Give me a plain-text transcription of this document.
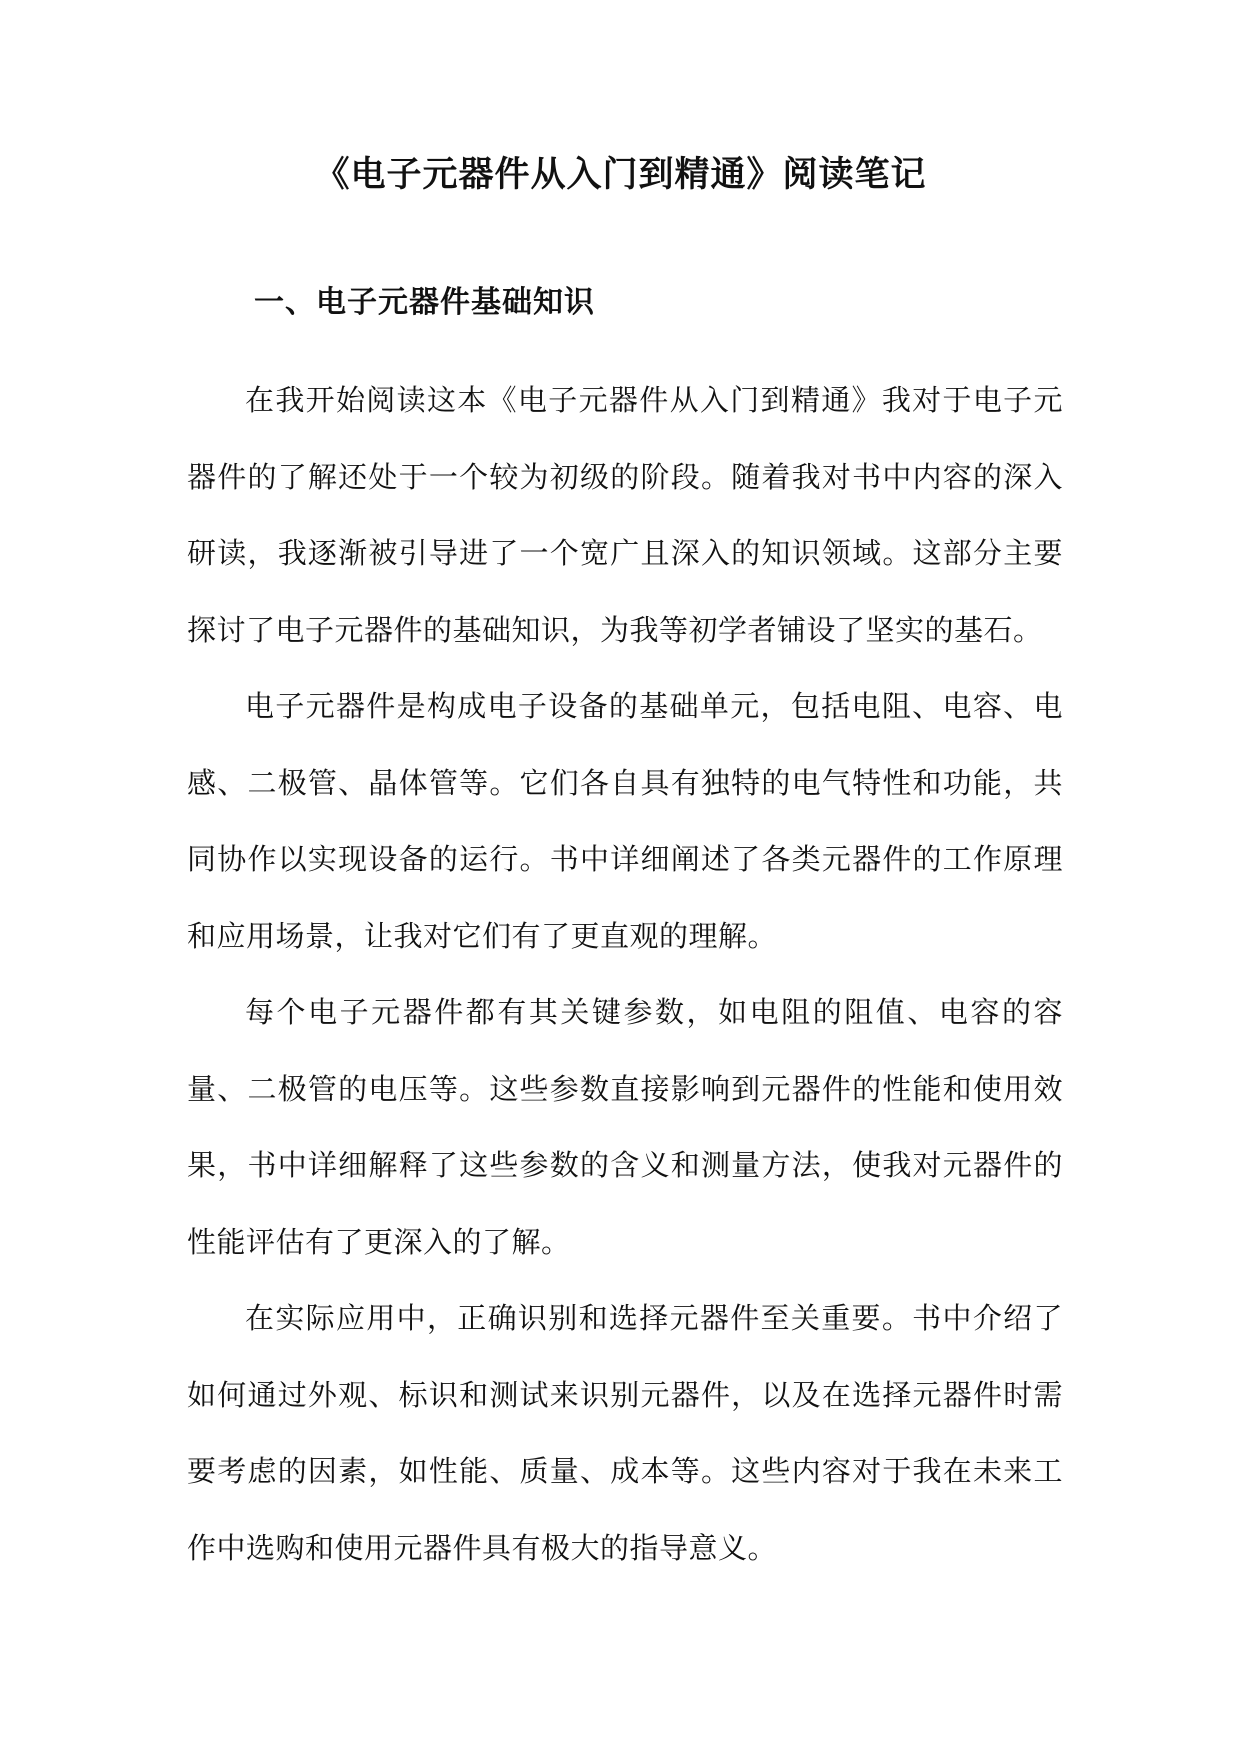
《电子元器件从入门到精通》阅读笔记
一、电子元器件基础知识

在我开始阅读这本《电子元器件从入门到精通》我对于电子元器件的了解还处于一个较为初级的阶段。随着我对书中内容的深入研读，我逐渐被引导进了一个宽广且深入的知识领域。这部分主要探讨了电子元器件的基础知识，为我等初学者铺设了坚实的基石。

电子元器件是构成电子设备的基础单元，包括电阻、电容、电感、二极管、晶体管等。它们各自具有独特的电气特性和功能，共同协作以实现设备的运行。书中详细阐述了各类元器件的工作原理和应用场景，让我对它们有了更直观的理解。

每个电子元器件都有其关键参数，如电阻的阻值、电容的容量、二极管的电压等。这些参数直接影响到元器件的性能和使用效果，书中详细解释了这些参数的含义和测量方法，使我对元器件的性能评估有了更深入的了解。

在实际应用中，正确识别和选择元器件至关重要。书中介绍了如何通过外观、标识和测试来识别元器件，以及在选择元器件时需要考虑的因素，如性能、质量、成本等。这些内容对于我在未来工作中选购和使用元器件具有极大的指导意义。
